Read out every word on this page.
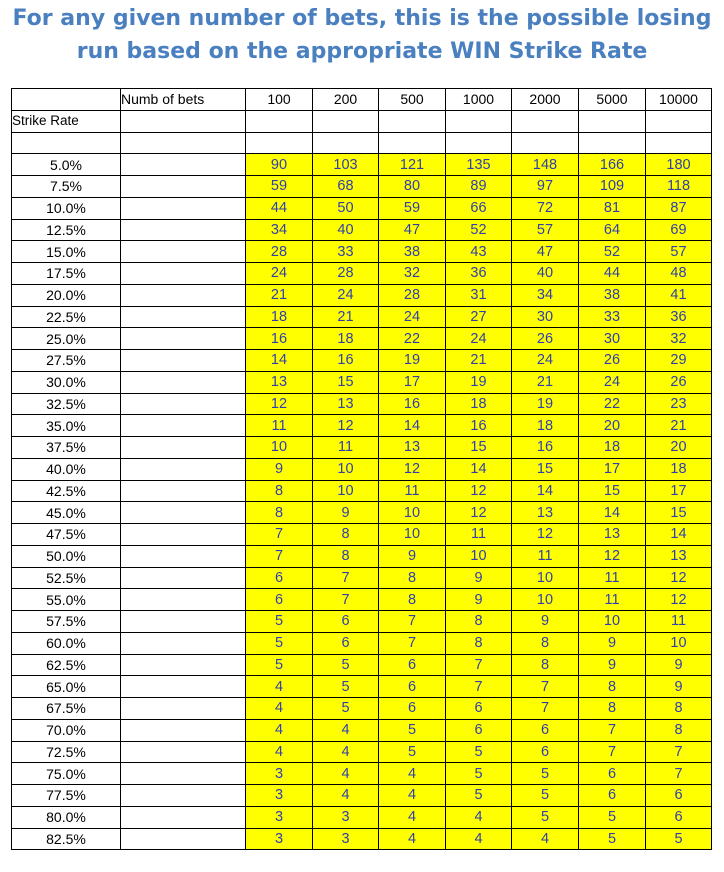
For any given number of bets, this is the possible losing
run based on the appropriate WIN Strike Rate
	Numb of bets	100	200	500	1000	2000	5000	10000
Strike Rate								

5.0%		90	103	121	135	148	166	180
7.5%		59	68	80	89	97	109	118
10.0%		44	50	59	66	72	81	87
12.5%		34	40	47	52	57	64	69
15.0%		28	33	38	43	47	52	57
17.5%		24	28	32	36	40	44	48
20.0%		21	24	28	31	34	38	41
22.5%		18	21	24	27	30	33	36
25.0%		16	18	22	24	26	30	32
27.5%		14	16	19	21	24	26	29
30.0%		13	15	17	19	21	24	26
32.5%		12	13	16	18	19	22	23
35.0%		11	12	14	16	18	20	21
37.5%		10	11	13	15	16	18	20
40.0%		9	10	12	14	15	17	18
42.5%		8	10	11	12	14	15	17
45.0%		8	9	10	12	13	14	15
47.5%		7	8	10	11	12	13	14
50.0%		7	8	9	10	11	12	13
52.5%		6	7	8	9	10	11	12
55.0%		6	7	8	9	10	11	12
57.5%		5	6	7	8	9	10	11
60.0%		5	6	7	8	8	9	10
62.5%		5	5	6	7	8	9	9
65.0%		4	5	6	7	7	8	9
67.5%		4	5	6	6	7	8	8
70.0%		4	4	5	6	6	7	8
72.5%		4	4	5	5	6	7	7
75.0%		3	4	4	5	5	6	7
77.5%		3	4	4	5	5	6	6
80.0%		3	3	4	4	5	5	6
82.5%		3	3	4	4	4	5	5
